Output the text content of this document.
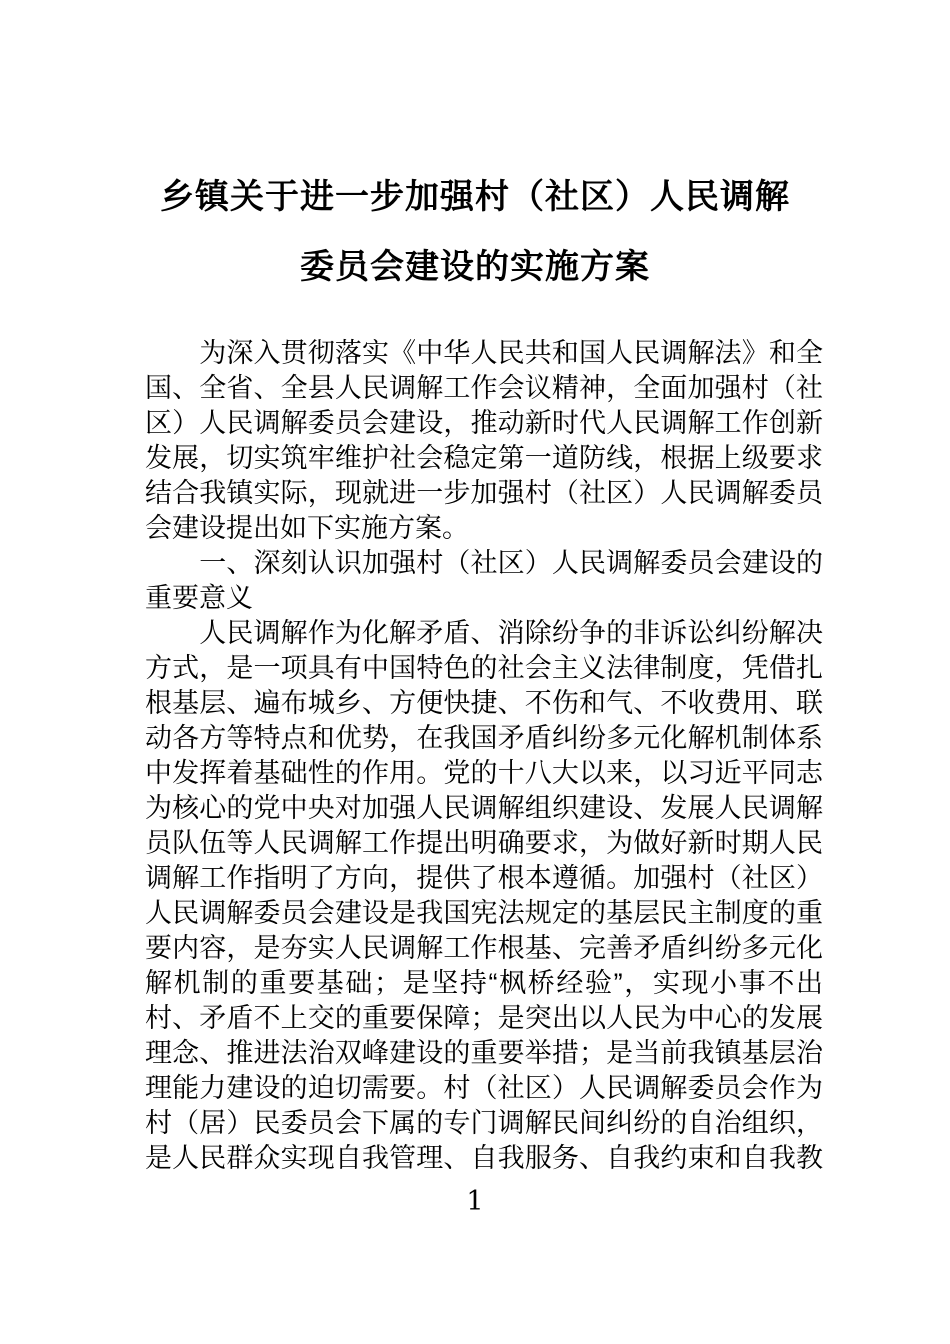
乡镇关于进一步加强村（社区）人民调解
委员会建设的实施方案
　　为深入贯彻落实《中华人民共和国人民调解法》和全
国、全省、全县人民调解工作会议精神，全面加强村（社
区）人民调解委员会建设，推动新时代人民调解工作创新
发展，切实筑牢维护社会稳定第一道防线，根据上级要求
结合我镇实际，现就进一步加强村（社区）人民调解委员
会建设提出如下实施方案。
　　一、深刻认识加强村（社区）人民调解委员会建设的
重要意义
　　人民调解作为化解矛盾、消除纷争的非诉讼纠纷解决
方式，是一项具有中国特色的社会主义法律制度，凭借扎
根基层、遍布城乡、方便快捷、不伤和气、不收费用、联
动各方等特点和优势，在我国矛盾纠纷多元化解机制体系
中发挥着基础性的作用。党的十八大以来，以习近平同志
为核心的党中央对加强人民调解组织建设、发展人民调解
员队伍等人民调解工作提出明确要求，为做好新时期人民
调解工作指明了方向，提供了根本遵循。加强村（社区）
人民调解委员会建设是我国宪法规定的基层民主制度的重
要内容，是夯实人民调解工作根基、完善矛盾纠纷多元化
解机制的重要基础；是坚持“枫桥经验”，实现小事不出
村、矛盾不上交的重要保障；是突出以人民为中心的发展
理念、推进法治双峰建设的重要举措；是当前我镇基层治
理能力建设的迫切需要。村（社区）人民调解委员会作为
村（居）民委员会下属的专门调解民间纠纷的自治组织，
是人民群众实现自我管理、自我服务、自我约束和自我教
1
